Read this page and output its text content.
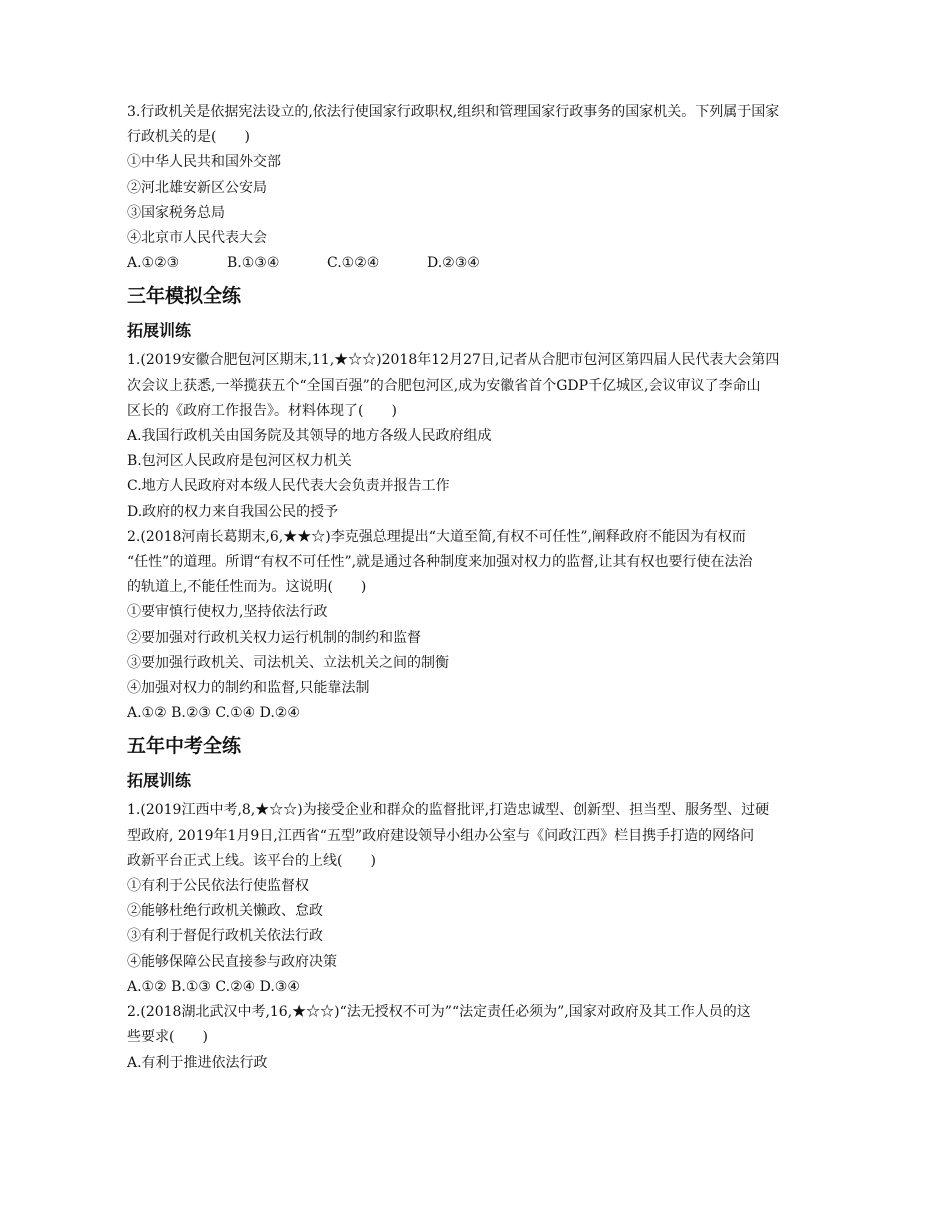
3.行政机关是依据宪法设立的,依法行使国家行政职权,组织和管理国家行政事务的国家机关。下列属于国家
行政机关的是(　　)
①中华人民共和国外交部
②河北雄安新区公安局
③国家税务总局
④北京市人民代表大会
A.①②③	B.①③④	C.①②④	D.②③④
三年模拟全练
拓展训练
1.(2019安徽合肥包河区期末,11,★☆☆)2018年12月27日,记者从合肥市包河区第四届人民代表大会第四
次会议上获悉,一举揽获五个“全国百强”的合肥包河区,成为安徽省首个GDP千亿城区,会议审议了李命山
区长的《政府工作报告》。材料体现了(　　)
A.我国行政机关由国务院及其领导的地方各级人民政府组成
B.包河区人民政府是包河区权力机关
C.地方人民政府对本级人民代表大会负责并报告工作
D.政府的权力来自我国公民的授予
2.(2018河南长葛期末,6,★★☆)李克强总理提出“大道至简,有权不可任性”,阐释政府不能因为有权而
“任性”的道理。所谓“有权不可任性”,就是通过各种制度来加强对权力的监督,让其有权也要行使在法治
的轨道上,不能任性而为。这说明(　　)
①要审慎行使权力,坚持依法行政
②要加强对行政机关权力运行机制的制约和监督
③要加强行政机关、司法机关、立法机关之间的制衡
④加强对权力的制约和监督,只能靠法制
A.①② B.②③ C.①④ D.②④
五年中考全练
拓展训练
1.(2019江西中考,8,★☆☆)为接受企业和群众的监督批评,打造忠诚型、创新型、担当型、服务型、过硬
型政府, 2019年1月9日,江西省“五型”政府建设领导小组办公室与《问政江西》栏目携手打造的网络问
政新平台正式上线。该平台的上线(　　)
①有利于公民依法行使监督权
②能够杜绝行政机关懒政、怠政
③有利于督促行政机关依法行政
④能够保障公民直接参与政府决策
A.①② B.①③ C.②④ D.③④
2.(2018湖北武汉中考,16,★☆☆)“法无授权不可为”“法定责任必须为”,国家对政府及其工作人员的这
些要求(　　)
A.有利于推进依法行政
